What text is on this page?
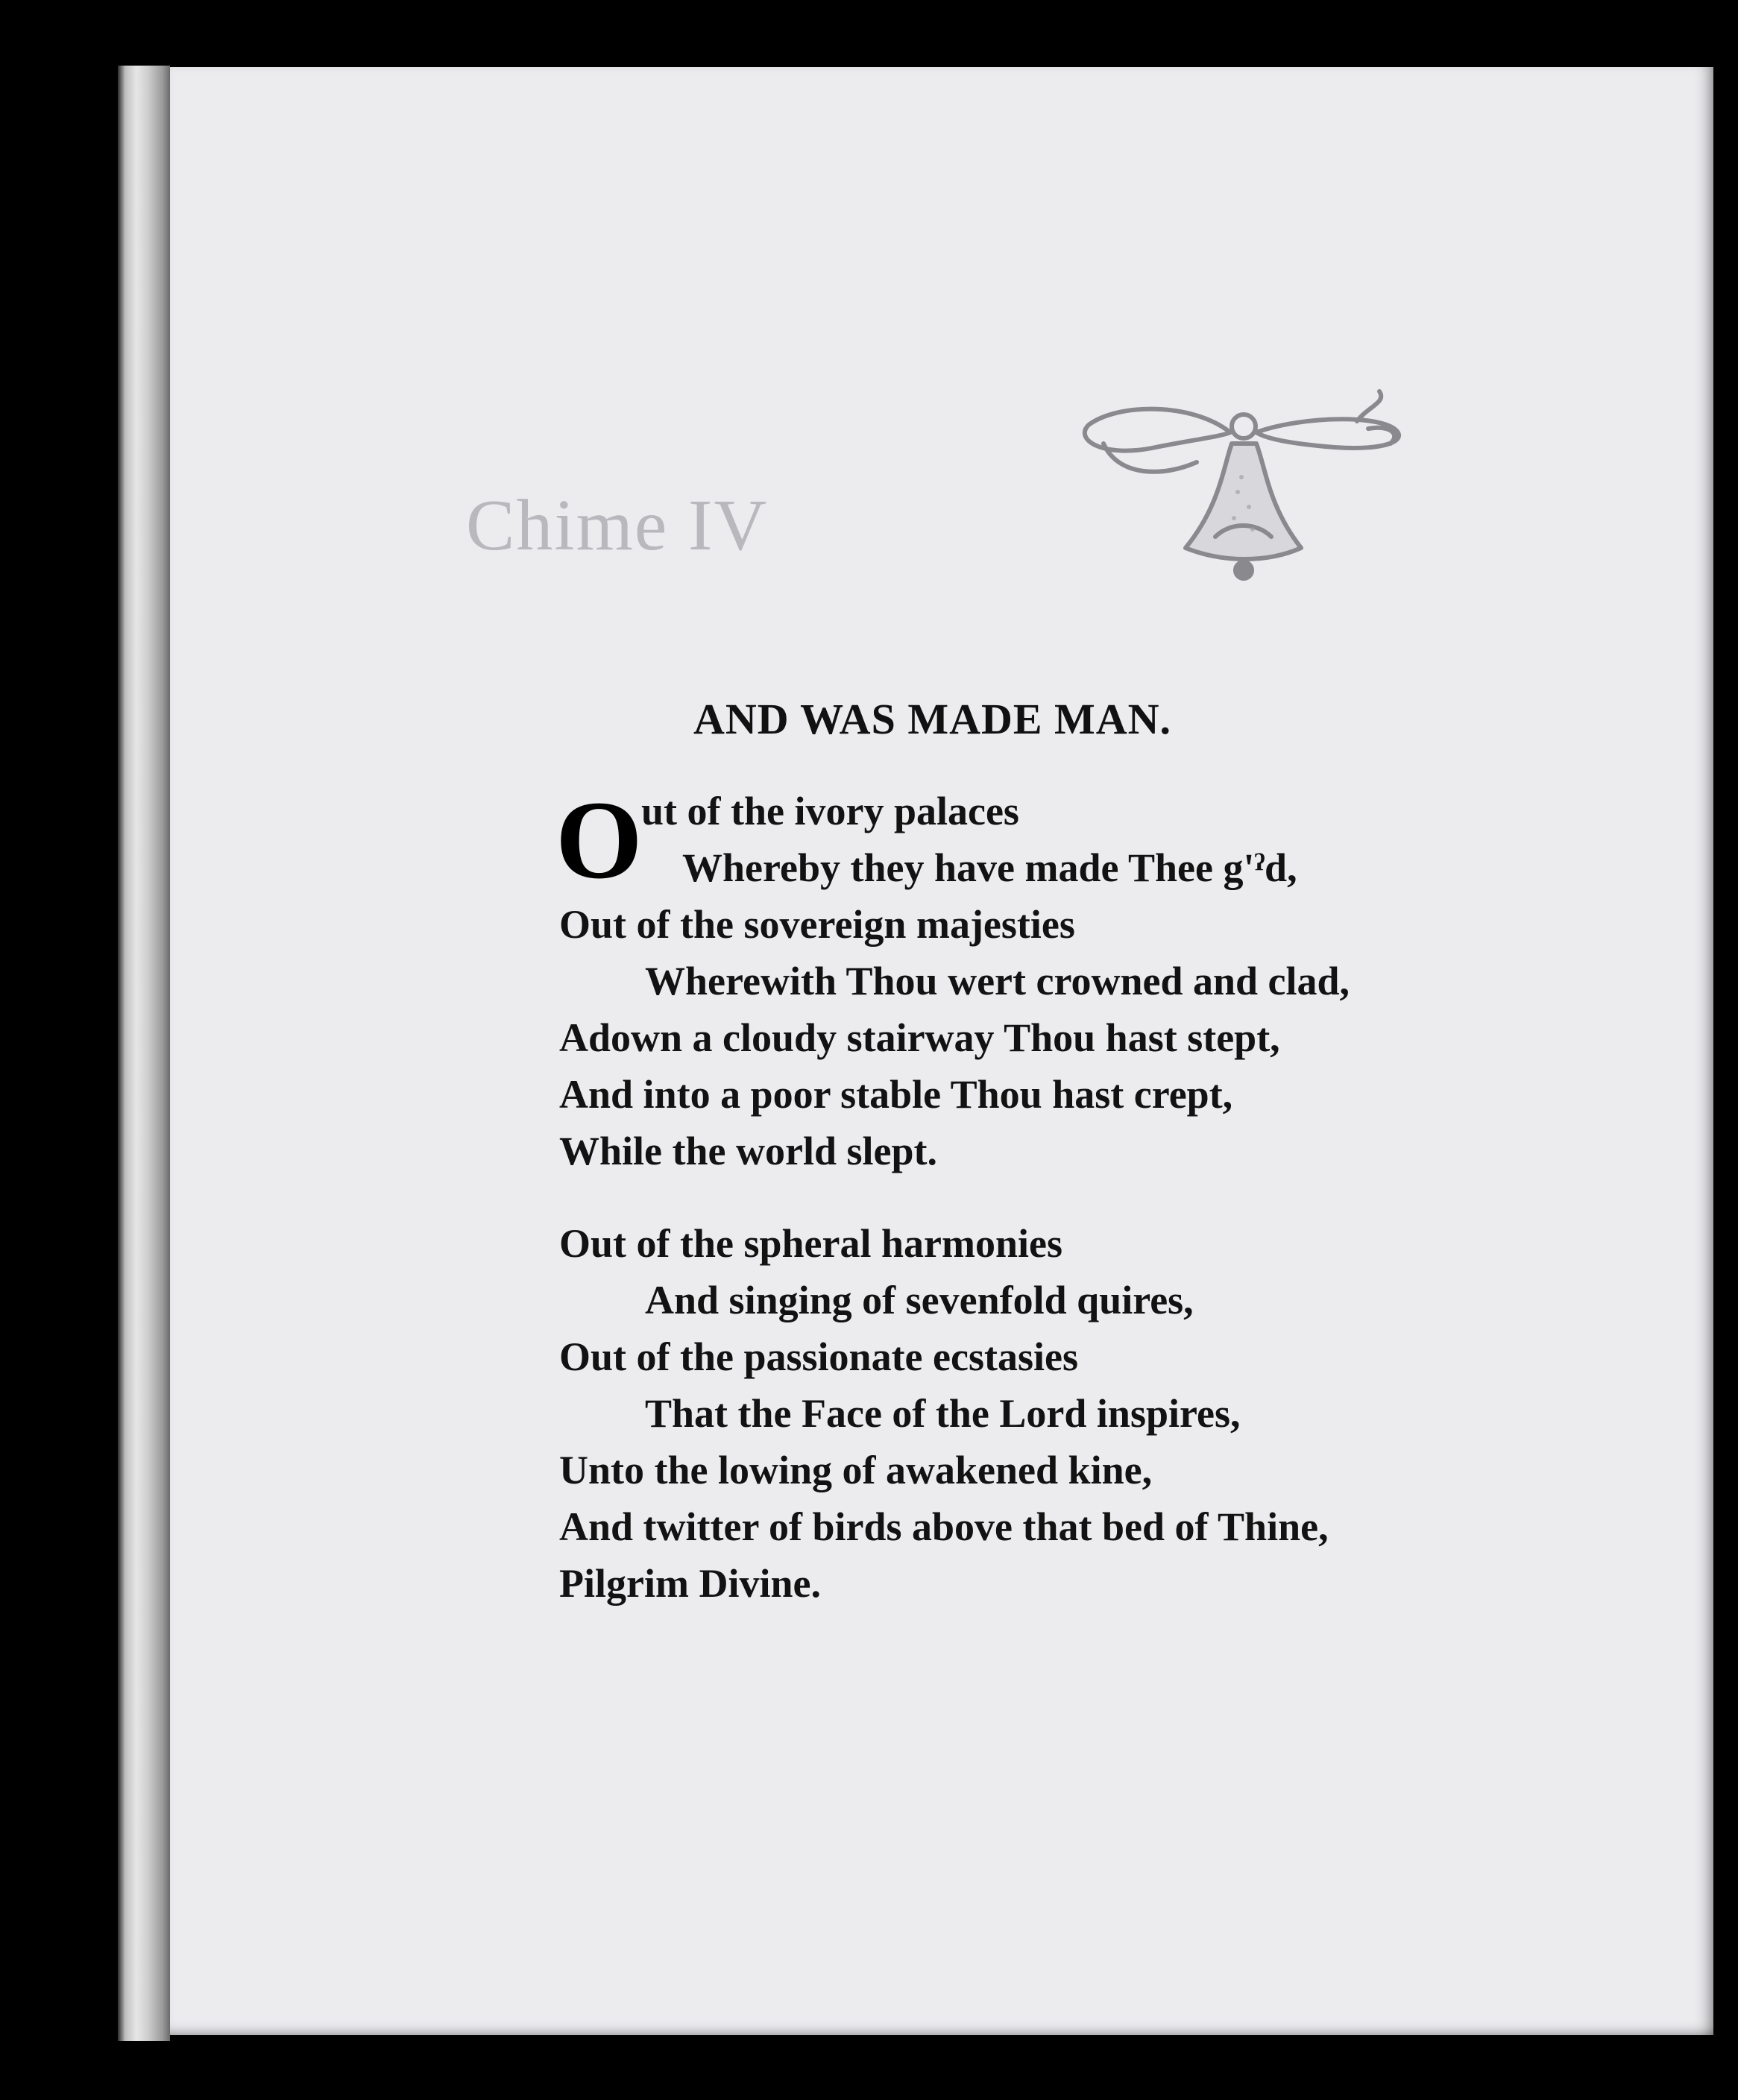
Chime IV
AND WAS MADE MAN.
O
ut of the ivory palaces
Whereby they have made Thee g'ˀd,
Out of the sovereign majesties
Wherewith Thou wert crowned and clad,
Adown a cloudy stairway Thou hast stept,
And into a poor stable Thou hast crept,
While the world slept.
Out of the spheral harmonies
And singing of sevenfold quires,
Out of the passionate ecstasies
That the Face of the Lord inspires,
Unto the lowing of awakened kine,
And twitter of birds above that bed of Thine,
Pilgrim Divine.
